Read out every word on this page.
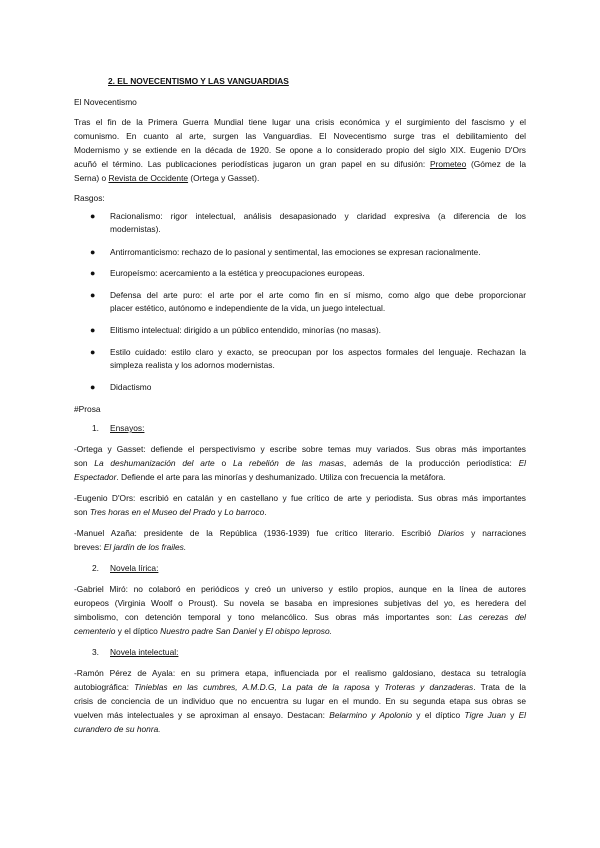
2. EL NOVECENTISMO Y LAS VANGUARDIAS
El Novecentismo
Tras el fin de la Primera Guerra Mundial tiene lugar una crisis económica y el surgimiento del fascismo y el
comunismo. En cuanto al arte, surgen las Vanguardias. El Novecentismo surge tras el debilitamiento del
Modernismo y se extiende en la década de 1920. Se opone a lo considerado propio del siglo XIX. Eugenio D'Ors
acuñó el término. Las publicaciones periodísticas jugaron un gran papel en su difusión: Prometeo (Gómez de la
Serna) o Revista de Occidente (Ortega y Gasset).
Rasgos:
● Racionalismo: rigor intelectual, análisis desapasionado y claridad expresiva (a diferencia de los
modernistas).
● Antirromanticismo: rechazo de lo pasional y sentimental, las emociones se expresan racionalmente.
● Europeísmo: acercamiento a la estética y preocupaciones europeas.
● Defensa del arte puro: el arte por el arte como fin en sí mismo, como algo que debe proporcionar
placer estético, autónomo e independiente de la vida, un juego intelectual.
● Elitismo intelectual: dirigido a un público entendido, minorías (no masas).
● Estilo cuidado: estilo claro y exacto, se preocupan por los aspectos formales del lenguaje. Rechazan la
simpleza realista y los adornos modernistas.
● Didactismo
#Prosa
1. Ensayos:
-Ortega y Gasset: defiende el perspectivismo y escribe sobre temas muy variados. Sus obras más importantes
son La deshumanización del arte o La rebelión de las masas, además de la producción periodística: El
Espectador. Defiende el arte para las minorías y deshumanizado. Utiliza con frecuencia la metáfora.
-Eugenio D'Ors: escribió en catalán y en castellano y fue crítico de arte y periodista. Sus obras más importantes
son Tres horas en el Museo del Prado y Lo barroco.
-Manuel Azaña: presidente de la República (1936-1939) fue crítico literario. Escribió Diarios y narraciones
breves: El jardín de los frailes.
2. Novela lírica:
-Gabriel Miró: no colaboró en periódicos y creó un universo y estilo propios, aunque en la línea de autores
europeos (Virginia Woolf o Proust). Su novela se basaba en impresiones subjetivas del yo, es heredera del
simbolismo, con detención temporal y tono melancólico. Sus obras más importantes son: Las cerezas del
cementerio y el díptico Nuestro padre San Daniel y El obispo leproso.
3. Novela intelectual:
-Ramón Pérez de Ayala: en su primera etapa, influenciada por el realismo galdosiano, destaca su tetralogía
autobiográfica: Tinieblas en las cumbres, A.M.D.G, La pata de la raposa y Troteras y danzaderas. Trata de la
crisis de conciencia de un individuo que no encuentra su lugar en el mundo. En su segunda etapa sus obras se
vuelven más intelectuales y se aproximan al ensayo. Destacan: Belarmino y Apolonio y el díptico Tigre Juan y El
curandero de su honra.
